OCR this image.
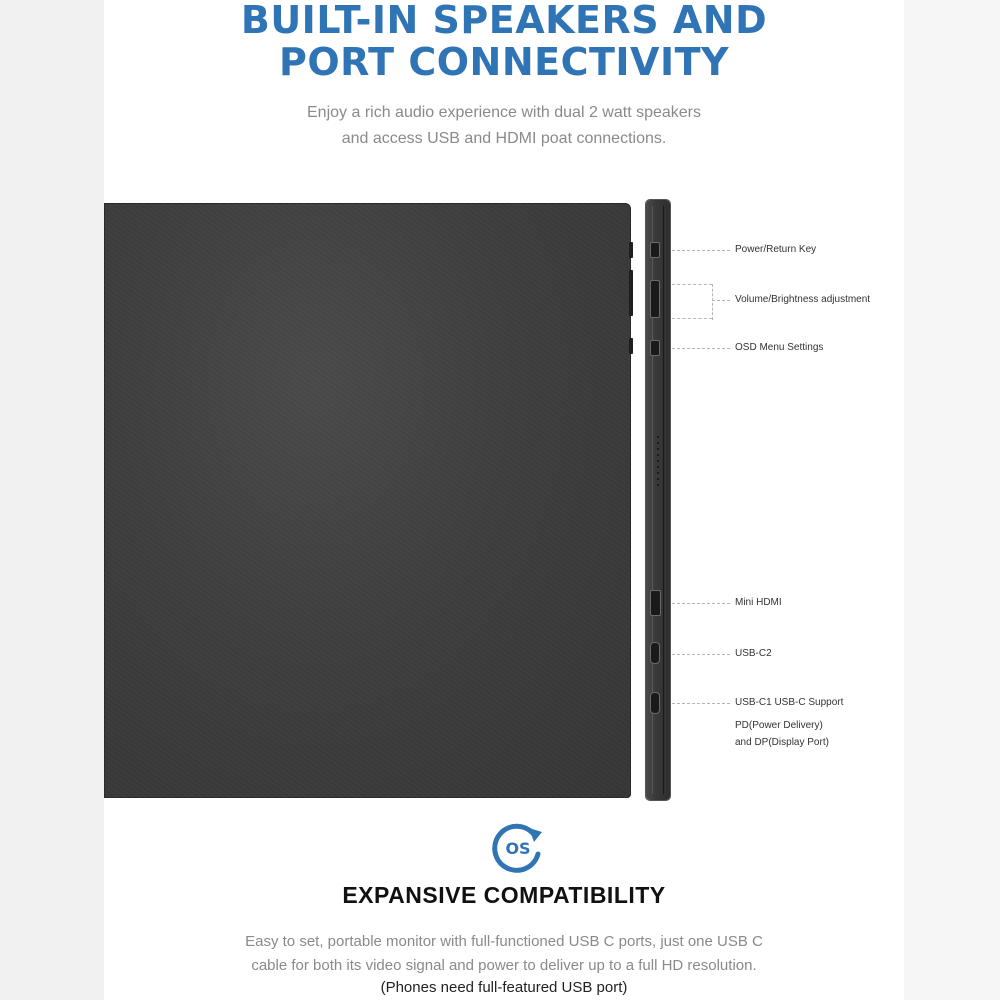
BUILT-IN SPEAKERS AND
PORT CONNECTIVITY

Enjoy a rich audio experience with dual 2 watt speakers

and access USB and HDMI poat connections.

Power/Return Key
Volume/Brightness adjustment
OSD Menu Settings
Mini HDMI
USB-C2
USB-C1 USB-C Support
PD(Power Delivery)
and DP(Display Port)
OS
EXPANSIVE COMPATIBILITY

Easy to set, portable monitor with full-functioned USB C ports, just one USB C

cable for both its video signal and power to deliver up to a full HD resolution.

(Phones need full-featured USB port)
